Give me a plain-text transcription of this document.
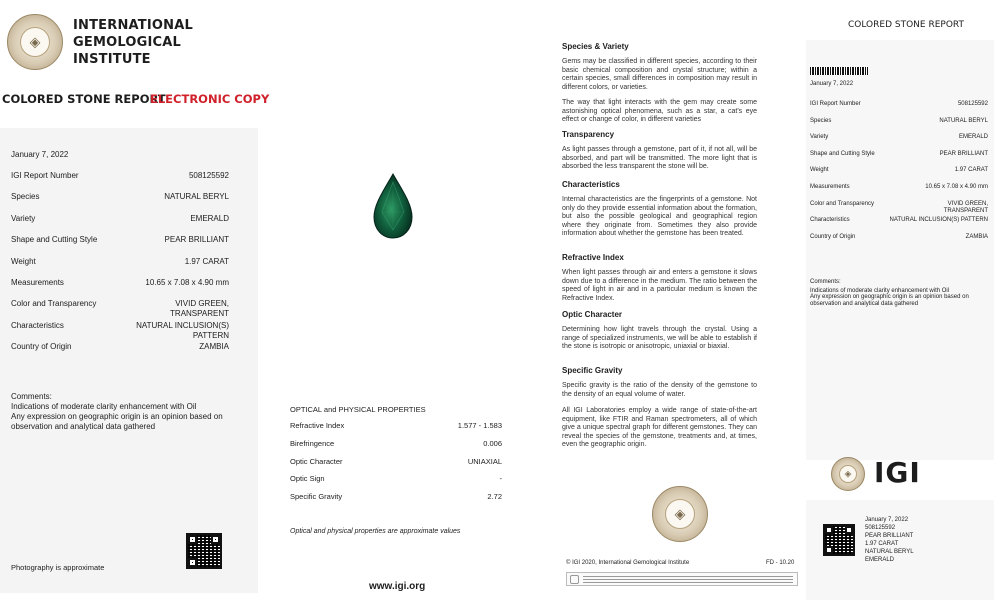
◈
INTERNATIONAL
GEMOLOGICAL
INSTITUTE
COLORED STONE REPORT
ELECTRONIC COPY
January 7, 2022
IGI Report Number	508125592
Species	NATURAL BERYL
Variety	EMERALD
Shape and Cutting Style	PEAR BRILLIANT
Weight	1.97 CARAT
Measurements	10.65 x 7.08 x 4.90 mm
Color and Transparency	VIVID GREEN,
TRANSPARENT
Characteristics	NATURAL INCLUSION(S)
PATTERN
Country of Origin	ZAMBIA
Comments:
Indications of moderate clarity enhancement with Oil
Any expression on geographic origin is an opinion based on observation and analytical data gathered
Photography is approximate
OPTICAL and PHYSICAL PROPERTIES
Refractive Index	1.577 - 1.583
Birefringence	0.006
Optic Character	UNIAXIAL
Optic Sign	-
Specific Gravity	2.72
Optical and physical properties are approximate values
www.igi.org
Species & Variety
Gems may be classified in different species, according to their basic chemical composition and crystal structure; within a certain species, small differences in composition may result in different colors, or varieties.
The way that light interacts with the gem may create some astonishing optical phenomena, such as a star, a cat's eye effect or change of color, in different varieties
Transparency
As light passes through a gemstone, part of it, if not all, will be absorbed, and part will be transmitted. The more light that is absorbed the less transparent the stone will be.
Characteristics
Internal characteristics are the fingerprints of a gemstone. Not only do they provide essential information about the formation, but also the possible geological and geographical region where they originate from. Sometimes they also provide information about whether the gemstone has been treated.
Refractive Index
When light passes through air and enters a gemstone it slows down due to a difference in the medium. The ratio between the speed of light in air and in a particular medium is known the Refractive Index.
Optic Character
Determining how light travels through the crystal. Using a range of specialized instruments, we will be able to establish if the stone is isotropic or anisotropic, uniaxial or biaxial.
Specific Gravity
Specific gravity is the ratio of the density of the gemstone to the density of an equal volume of water.
All IGI Laboratories employ a wide range of state-of-the-art equipment, like FTIR and Raman spectrometers, all of which give a unique spectral graph for different gemstones. They can reveal the species of the gemstone, treatments and, at times, even the geographic origin.
◈
© IGI 2020, International Gemological Institute	FD - 10.20
COLORED STONE REPORT
January 7, 2022
IGI Report Number	508125592
Species	NATURAL BERYL
Variety	EMERALD
Shape and Cutting Style	PEAR BRILLIANT
Weight	1.97 CARAT
Measurements	10.65 x 7.08 x 4.90 mm
Color and Transparency	VIVID GREEN,
TRANSPARENT
Characteristics	NATURAL INCLUSION(S) PATTERN
Country of Origin	ZAMBIA
Comments:
Indications of moderate clarity enhancement with Oil
Any expression on geographic origin is an opinion based on observation and analytical data gathered
◈ IGI
January 7, 2022
508125592
PEAR BRILLIANT
1.97 CARAT
NATURAL BERYL
EMERALD
